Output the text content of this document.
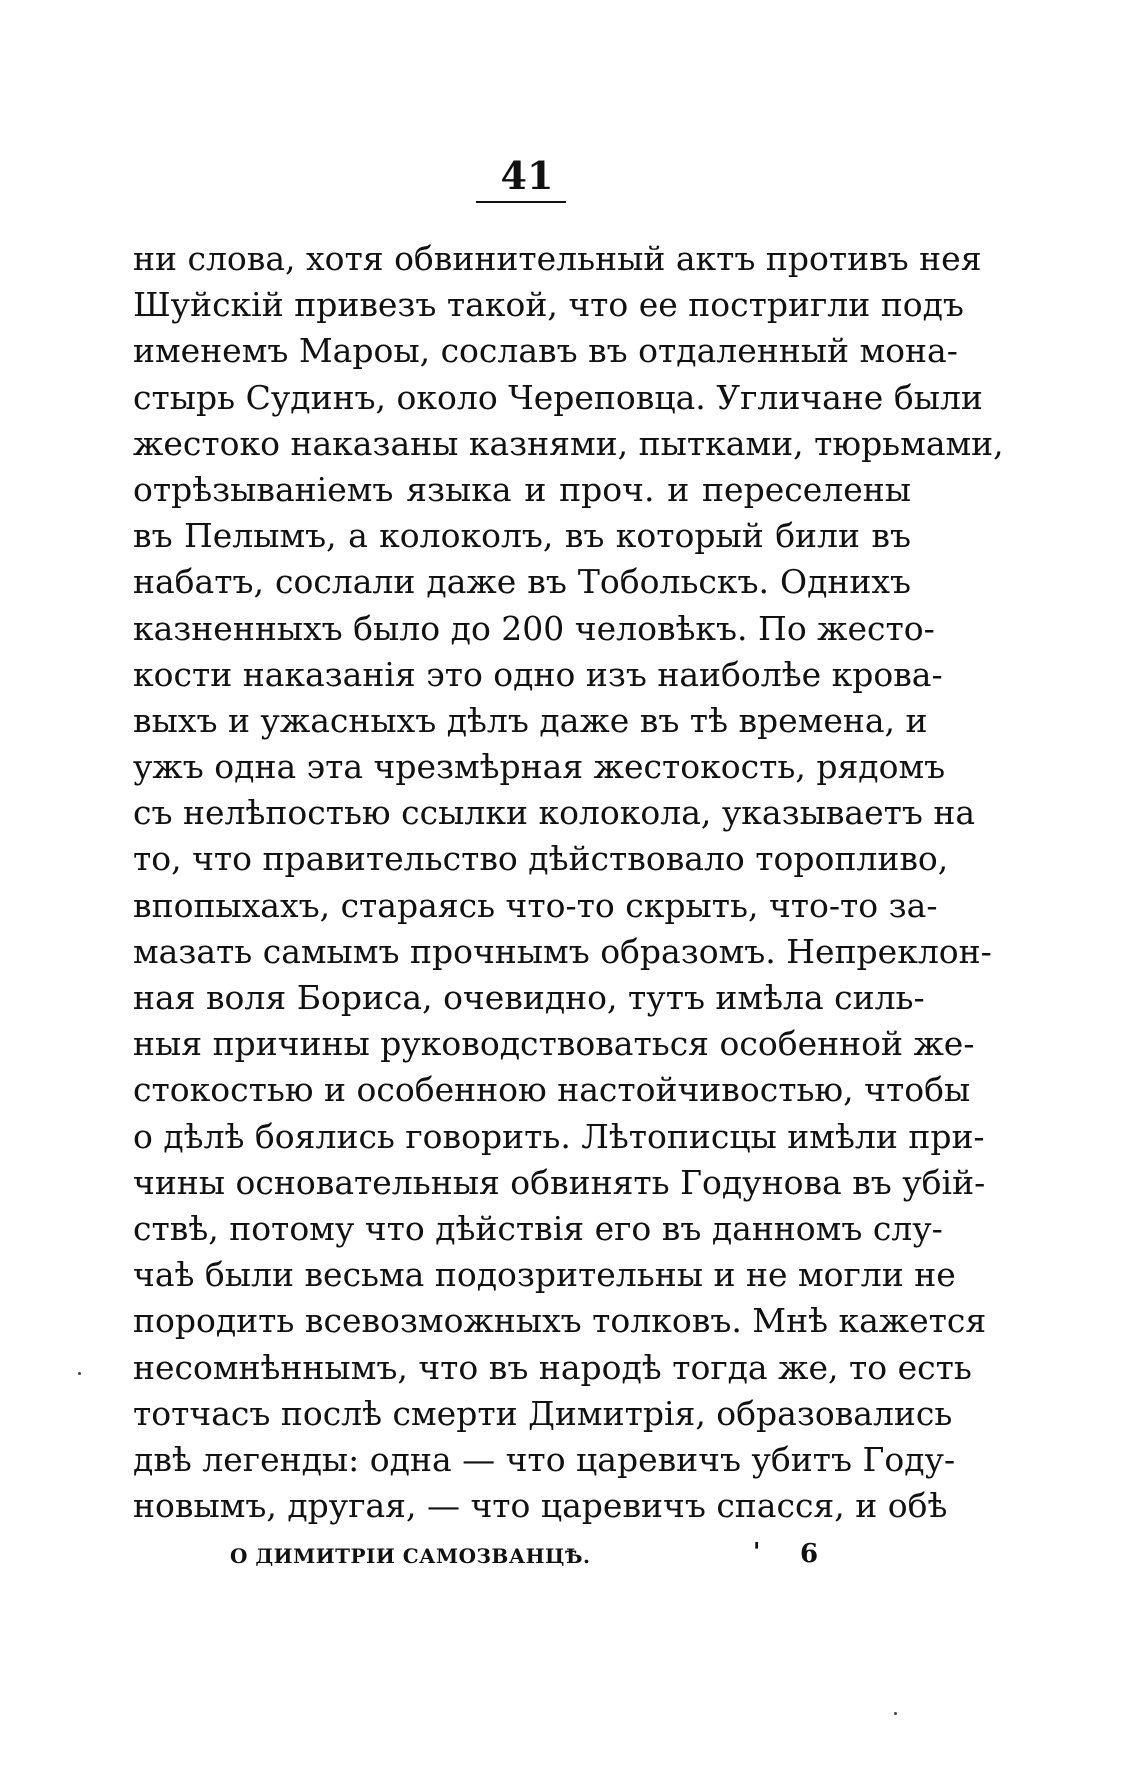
41
ни слова, хотя обвинительный актъ противъ нея
Шуйскій привезъ такой, что ее постригли подъ
именемъ Мароы, сославъ въ отдаленный мона-
стырь Судинъ, около Череповца. Угличане были
жестоко наказаны казнями, пытками, тюрьмами,
отрѣзываніемъ языка и проч. и переселены
въ Пелымъ, а колоколъ, въ который били въ
набатъ, сослали даже въ Тобольскъ. Однихъ
казненныхъ было до 200 человѣкъ. По жесто-
кости наказанія это одно изъ наиболѣе крова-
выхъ и ужасныхъ дѣлъ даже въ тѣ времена, и
ужъ одна эта чрезмѣрная жестокость, рядомъ
съ нелѣпостью ссылки колокола, указываетъ на
то, что правительство дѣйствовало торопливо,
впопыхахъ, стараясь что-то скрыть, что-то за-
мазать самымъ прочнымъ образомъ. Непреклон-
ная воля Бориса, очевидно, тутъ имѣла силь-
ныя причины руководствоваться особенной же-
стокостью и особенною настойчивостью, чтобы
о дѣлѣ боялись говорить. Лѣтописцы имѣли при-
чины основательныя обвинять Годунова въ убій-
ствѣ, потому что дѣйствія его въ данномъ слу-
чаѣ были весьма подозрительны и не могли не
породить всевозможныхъ толковъ. Мнѣ кажется
несомнѣннымъ, что въ народѣ тогда же, то есть
тотчасъ послѣ смерти Димитрія, образовались
двѣ легенды: одна — что царевичъ убитъ Году-
новымъ, другая, — что царевичъ спасся, и обѣ
О ДИМИТРІИ САМОЗВАНЦѢ.	' 6
